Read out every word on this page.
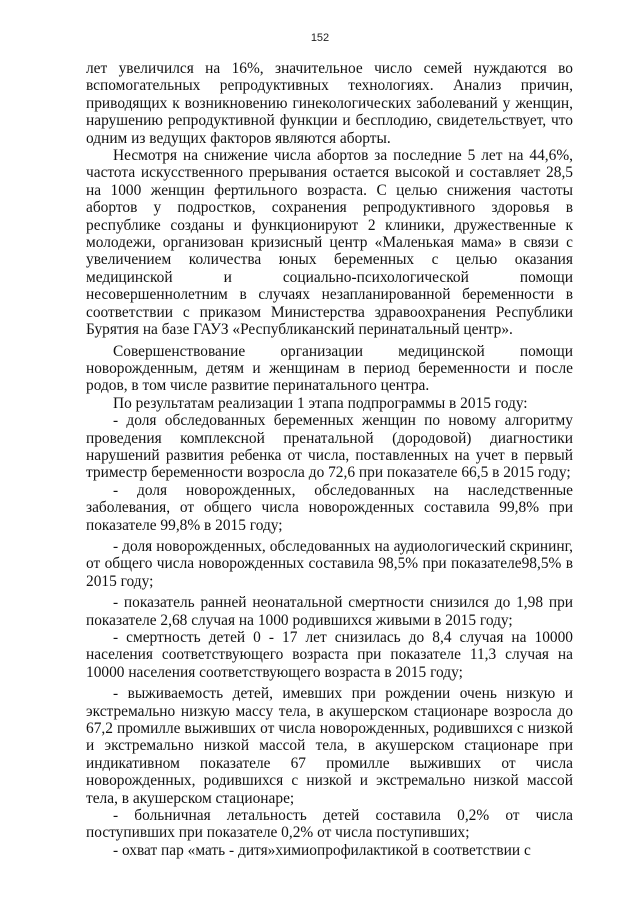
152

лет увеличился на 16%, значительное число семей нуждаются во вспомогательных репродуктивных технологиях. Анализ причин, приводящих к возникновению гинекологических заболеваний у женщин, нарушению репродуктивной функции и бесплодию, свидетельствует, что одним из ведущих факторов являются аборты.

Несмотря на снижение числа абортов за последние 5 лет на 44,6%, частота искусственного прерывания остается высокой и составляет 28,5 на 1000 женщин фертильного возраста. С целью снижения частоты абортов у подростков, сохранения репродуктивного здоровья в республике созданы и функционируют 2 клиники, дружественные к молодежи, организован кризисный центр «Маленькая мама» в связи с увеличением количества юных беременных с целью оказания медицинской и социально-психологической помощи несовершеннолетним в случаях незапланированной беременности в соответствии с приказом Министерства здравоохранения Республики Бурятия на базе ГАУЗ «Республиканский перинатальный центр».

Совершенствование организации медицинской помощи новорожденным, детям и женщинам в период беременности и после родов, в том числе развитие перинатального центра.

По результатам реализации 1 этапа подпрограммы в 2015 году:

- доля обследованных беременных женщин по новому алгоритму проведения комплексной пренатальной (дородовой) диагностики нарушений развития ребенка от числа, поставленных на учет в первый триместр беременности возросла до 72,6 при показателе 66,5 в 2015 году;

- доля новорожденных, обследованных на наследственные заболевания, от общего числа новорожденных составила 99,8% при показателе 99,8% в 2015 году;

- доля новорожденных, обследованных на аудиологический скрининг, от общего числа новорожденных составила 98,5% при показателе98,5% в 2015 году;

- показатель ранней неонатальной смертности снизился до 1,98 при показателе 2,68 случая на 1000 родившихся живыми в 2015 году;

- смертность детей 0 - 17 лет снизилась до 8,4 случая на 10000 населения соответствующего возраста при показателе 11,3 случая на 10000 населения соответствующего возраста в 2015 году;

- выживаемость детей, имевших при рождении очень низкую и экстремально низкую массу тела, в акушерском стационаре возросла до 67,2 промилле выживших от числа новорожденных, родившихся с низкой и экстремально низкой массой тела, в акушерском стационаре при индикативном показателе 67 промилле выживших от числа новорожденных, родившихся с низкой и экстремально низкой массой тела, в акушерском стационаре;

- больничная летальность детей составила 0,2% от числа поступивших при показателе 0,2% от числа поступивших;

- охват пар «мать - дитя»химиопрофилактикой в соответствии с
